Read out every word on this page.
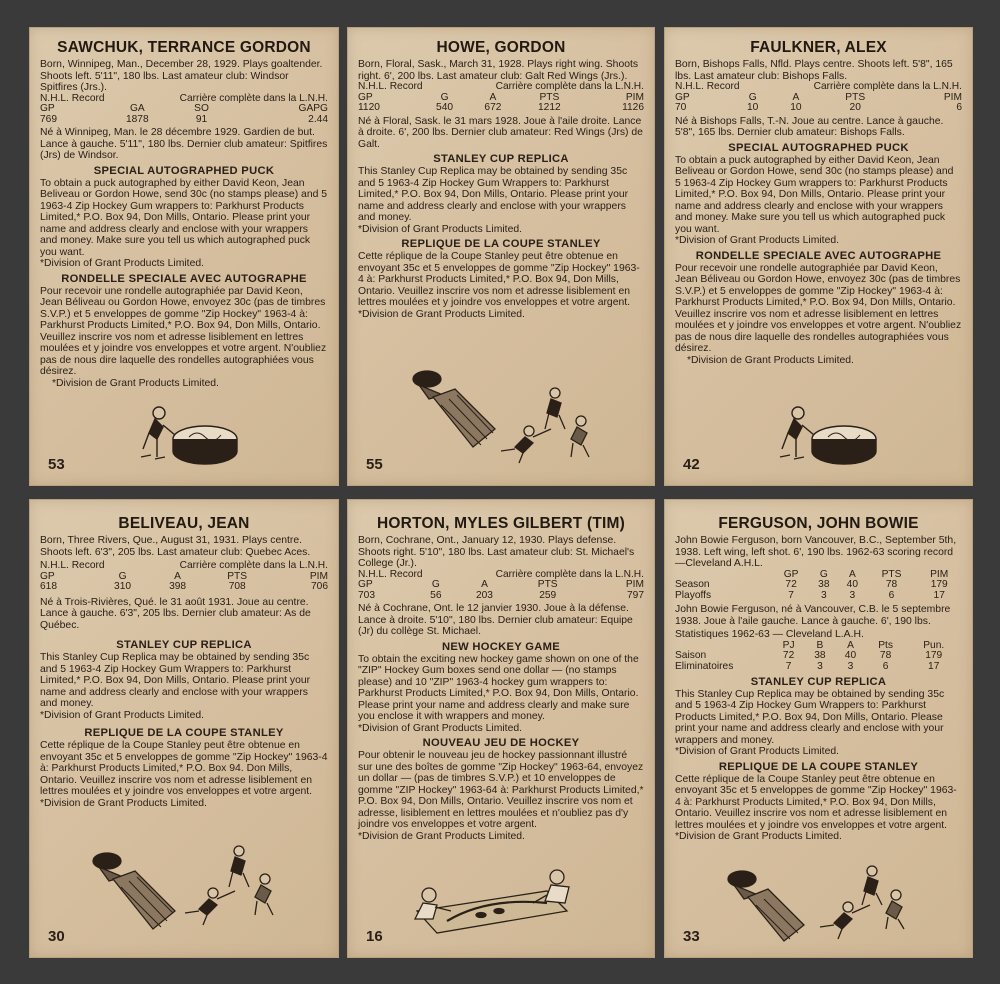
SAWCHUK, TERRANCE GORDON

Born, Winnipeg, Man., December 28, 1929. Plays goaltender. Shoots left. 5'11", 180 lbs. Last amateur club: Windsor Spitfires (Jrs.).

N.H.L. Record	Carrière complète dans la L.N.H.
GP	GA	SO	GAPG
769	1878	91	2.44

Né à Winnipeg, Man. le 28 décembre 1929. Gardien de but. Lance à gauche. 5'11", 180 lbs. Dernier club amateur: Spitfires (Jrs) de Windsor.

SPECIAL AUTOGRAPHED PUCK

To obtain a puck autographed by either David Keon, Jean Beliveau or Gordon Howe, send 30c (no stamps please) and 5 1963-4 Zip Hockey Gum wrappers to: Parkhurst Products Limited,* P.O. Box 94, Don Mills, Ontario. Please print your name and address clearly and enclose with your wrappers and money. Make sure you tell us which autographed puck you want.

*Division of Grant Products Limited.

RONDELLE SPECIALE AVEC AUTOGRAPHE

Pour recevoir une rondelle autographiée par David Keon, Jean Béliveau ou Gordon Howe, envoyez 30c (pas de timbres S.V.P.) et 5 enveloppes de gomme "Zip Hockey" 1963-4 à: Parkhurst Products Limited,* P.O. Box 94, Don Mills, Ontario. Veuillez inscrire vos nom et adresse lisiblement en lettres moulées et y joindre vos enveloppes et votre argent. N'oubliez pas de nous dire laquelle des rondelles autographiées vous désirez.

*Division de Grant Products Limited.

53
HOWE, GORDON

Born, Floral, Sask., March 31, 1928. Plays right wing. Shoots right. 6', 200 lbs. Last amateur club: Galt Red Wings (Jrs.).

N.H.L. Record	Carrière complète dans la L.N.H.
GP	G	A	PTS	PIM
1120	540	672	1212	1126

Né à Floral, Sask. le 31 mars 1928. Joue à l'aile droite. Lance à droite. 6', 200 lbs. Dernier club amateur: Red Wings (Jrs) de Galt.

STANLEY CUP REPLICA

This Stanley Cup Replica may be obtained by sending 35c and 5 1963-4 Zip Hockey Gum Wrappers to: Parkhurst Limited,* P.O. Box 94, Don Mills, Ontario. Please print your name and address clearly and enclose with your wrappers and money.

*Division of Grant Products Limited.

REPLIQUE DE LA COUPE STANLEY

Cette réplique de la Coupe Stanley peut être obtenue en envoyant 35c et 5 enveloppes de gomme "Zip Hockey" 1963-4 à: Parkhurst Products Limited,* P.O. Box 94, Don Mills, Ontario. Veuillez inscrire vos nom et adresse lisiblement en lettres moulées et y joindre vos enveloppes et votre argent.

*Division de Grant Products Limited.

55
FAULKNER, ALEX

Born, Bishops Falls, Nfld. Plays centre. Shoots left. 5'8", 165 lbs. Last amateur club: Bishops Falls.

N.H.L. Record	Carrière complète dans la L.N.H.
GP	G	A	PTS	PIM
70	10	10	20	6

Né à Bishops Falls, T.-N. Joue au centre. Lance à gauche. 5'8", 165 lbs. Dernier club amateur: Bishops Falls.

SPECIAL AUTOGRAPHED PUCK

To obtain a puck autographed by either David Keon, Jean Beliveau or Gordon Howe, send 30c (no stamps please) and 5 1963-4 Zip Hockey Gum wrappers to: Parkhurst Products Limited,* P.O. Box 94, Don Mills, Ontario. Please print your name and address clearly and enclose with your wrappers and money. Make sure you tell us which autographed puck you want.

*Division of Grant Products Limited.

RONDELLE SPECIALE AVEC AUTOGRAPHE

Pour recevoir une rondelle autographiée par David Keon, Jean Béliveau ou Gordon Howe, envoyez 30c (pas de timbres S.V.P.) et 5 enveloppes de gomme "Zip Hockey" 1963-4 à: Parkhurst Products Limited,* P.O. Box 94, Don Mills, Ontario. Veuillez inscrire vos nom et adresse lisiblement en lettres moulées et y joindre vos enveloppes et votre argent. N'oubliez pas de nous dire laquelle des rondelles autographiées vous désirez.

*Division de Grant Products Limited.

42
BELIVEAU, JEAN

Born, Three Rivers, Que., August 31, 1931. Plays centre. Shoots left. 6'3", 205 lbs. Last amateur club: Quebec Aces.

N.H.L. Record	Carrière complète dans la L.N.H.
GP	G	A	PTS	PIM
618	310	398	708	706

Né à Trois-Rivières, Qué. le 31 août 1931. Joue au centre. Lance à gauche. 6'3", 205 lbs. Dernier club amateur: As de Québec.

STANLEY CUP REPLICA

This Stanley Cup Replica may be obtained by sending 35c and 5 1963-4 Zip Hockey Gum Wrappers to: Parkhurst Limited,* P.O. Box 94, Don Mills, Ontario. Please print your name and address clearly and enclose with your wrappers and money.

*Division of Grant Products Limited.

REPLIQUE DE LA COUPE STANLEY

Cette réplique de la Coupe Stanley peut être obtenue en envoyant 35c et 5 enveloppes de gomme "Zip Hockey" 1963-4 à: Parkhurst Products Limited,* P.O. Box 94. Don Mills, Ontario. Veuillez inscrire vos nom et adresse lisiblement en lettres moulées et y joindre vos enveloppes et votre argent.

*Division de Grant Products Limited.

30
HORTON, MYLES GILBERT (TIM)

Born, Cochrane, Ont., January 12, 1930. Plays defense. Shoots right. 5'10", 180 lbs. Last amateur club: St. Michael's College (Jr.).

N.H.L. Record	Carrière complète dans la L.N.H.
GP	G	A	PTS	PIM
703	56	203	259	797

Né à Cochrane, Ont. le 12 janvier 1930. Joue à la défense. Lance à droite. 5'10", 180 lbs. Dernier club amateur: Equipe (Jr) du collège St. Michael.

NEW HOCKEY GAME

To obtain the exciting new hockey game shown on one of the "ZIP" Hockey Gum boxes send one dollar — (no stamps please) and 10 "ZIP" 1963-4 hockey gum wrappers to: Parkhurst Products Limited,* P.O. Box 94, Don Mills, Ontario. Please print your name and address clearly and make sure you enclose it with wrappers and money.

*Division of Grant Products Limited.

NOUVEAU JEU DE HOCKEY

Pour obtenir le nouveau jeu de hockey passionnant illustré sur une des boîtes de gomme "Zip Hockey" 1963-64, envoyez un dollar — (pas de timbres S.V.P.) et 10 enveloppes de gomme "ZIP Hockey" 1963-64 à: Parkhurst Products Limited,* P.O. Box 94, Don Mills, Ontario. Veuillez inscrire vos nom et adresse, lisiblement en lettres moulées et n'oubliez pas d'y joindre vos enveloppes et votre argent.

*Division de Grant Products Limited.

16
FERGUSON, JOHN BOWIE

John Bowie Ferguson, born Vancouver, B.C., September 5th, 1938. Left wing, left shot. 6', 190 lbs. 1962-63 scoring record—Cleveland A.H.L.

	GP	G	A	PTS	PIM
Season	72	38	40	78	179
Playoffs	7	3	3	6	17

John Bowie Ferguson, né à Vancouver, C.B. le 5 septembre 1938. Joue à l'aile gauche. Lance à gauche. 6', 190 lbs.

Statistiques 1962-63 — Cleveland L.A.H.

	PJ	B	A	Pts	Pun.
Saison	72	38	40	78	179
Eliminatoires	7	3	3	6	17
STANLEY CUP REPLICA

This Stanley Cup Replica may be obtained by sending 35c and 5 1963-4 Zip Hockey Gum Wrappers to: Parkhurst Products Limited,* P.O. Box 94, Don Mills, Ontario. Please print your name and address clearly and enclose with your wrappers and money.

*Division of Grant Products Limited.

REPLIQUE DE LA COUPE STANLEY

Cette réplique de la Coupe Stanley peut être obtenue en envoyant 35c et 5 enveloppes de gomme "Zip Hockey" 1963-4 à: Parkhurst Products Limited,* P.O. Box 94, Don Mills, Ontario. Veuillez inscrire vos nom et adresse lisiblement en lettres moulées et y joindre vos enveloppes et votre argent.

*Division de Grant Products Limited.

33
